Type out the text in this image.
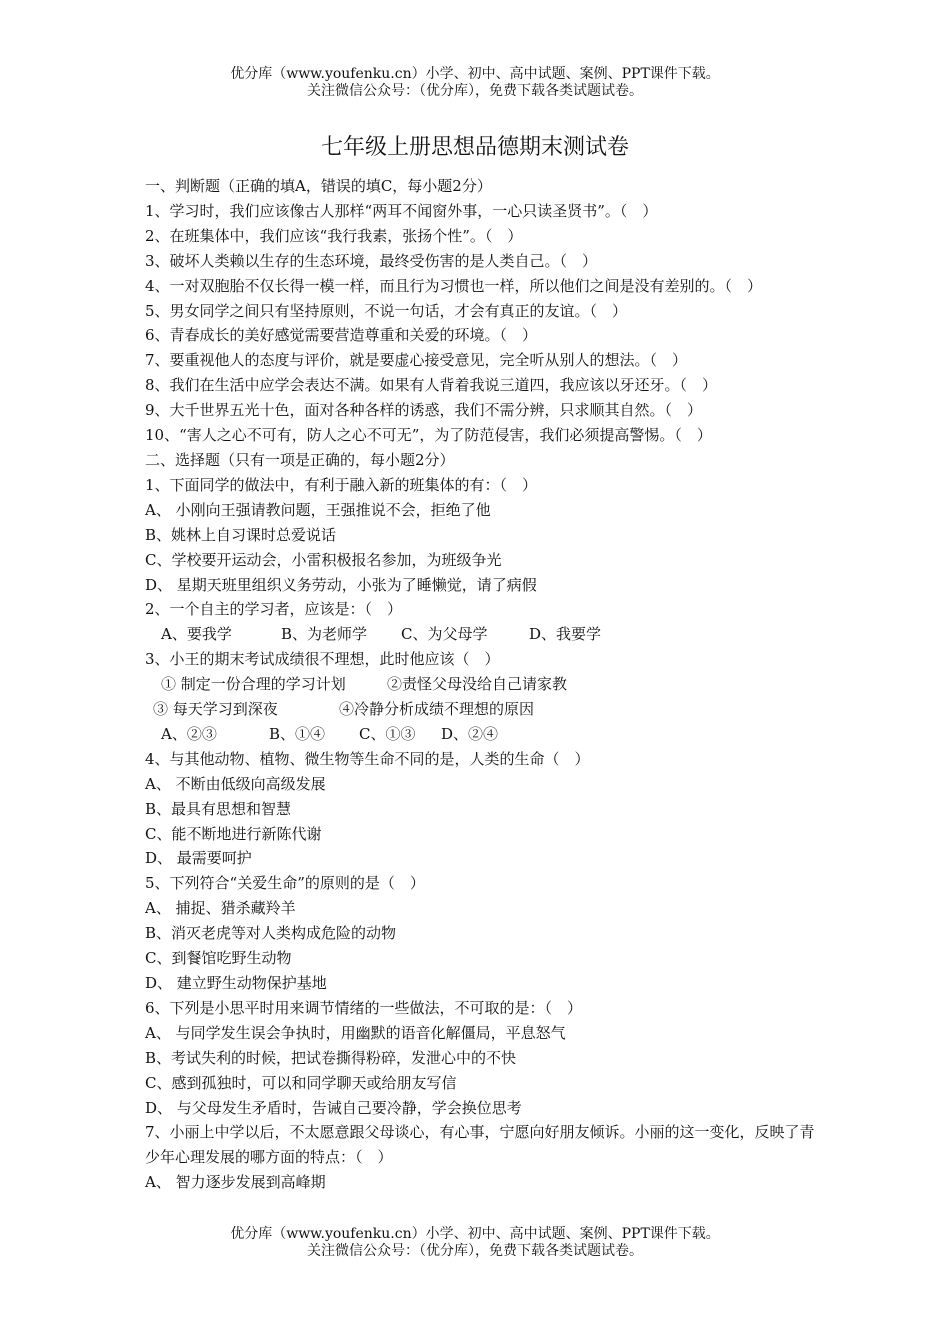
优分库（www.youfenku.cn）小学、初中、高中试题、案例、PPT课件下载。
关注微信公众号：（优分库），免费下载各类试题试卷。
七年级上册思想品德期末测试卷
一、判断题（正确的填A，错误的填C，每小题2分）
1、学习时，我们应该像古人那样“两耳不闻窗外事，一心只读圣贤书”。（　）
2、在班集体中，我们应该“我行我素，张扬个性”。（　）
3、破坏人类赖以生存的生态环境，最终受伤害的是人类自己。（　）
4、一对双胞胎不仅长得一模一样，而且行为习惯也一样，所以他们之间是没有差别的。（　）
5、男女同学之间只有坚持原则，不说一句话，才会有真正的友谊。（　）
6、青春成长的美好感觉需要营造尊重和关爱的环境。（　）
7、要重视他人的态度与评价，就是要虚心接受意见，完全听从别人的想法。（　）
8、我们在生活中应学会表达不满。如果有人背着我说三道四，我应该以牙还牙。（　）
9、大千世界五光十色，面对各种各样的诱惑，我们不需分辨，只求顺其自然。（　）
10、“害人之心不可有，防人之心不可无”，为了防范侵害，我们必须提高警惕。（　）
二、选择题（只有一项是正确的，每小题2分）
1、下面同学的做法中，有利于融入新的班集体的有：（　）
A、 小刚向王强请教问题，王强推说不会，拒绝了他
B、姚林上自习课时总爱说话
C、学校要开运动会，小雷积极报名参加，为班级争光
D、 星期天班里组织义务劳动，小张为了睡懒觉，请了病假
2、一个自主的学习者，应该是：（　）
A、要我学	B、为老师学 C、为父母学	D、我要学
3、小王的期末考试成绩很不理想，此时他应该（　）
① 制定一份合理的学习计划	②责怪父母没给自己请家教
③ 每天学习到深夜	④冷静分析成绩不理想的原因
A、②③	B、①④ C、①③ D、②④
4、与其他动物、植物、微生物等生命不同的是，人类的生命（　）
A、 不断由低级向高级发展
B、最具有思想和智慧
C、能不断地进行新陈代谢
D、 最需要呵护
5、下列符合“关爱生命”的原则的是（　）
A、 捕捉、猎杀藏羚羊
B、消灭老虎等对人类构成危险的动物
C、到餐馆吃野生动物
D、 建立野生动物保护基地
6、下列是小思平时用来调节情绪的一些做法，不可取的是：（　）
A、 与同学发生误会争执时，用幽默的语音化解僵局，平息怒气
B、考试失利的时候，把试卷撕得粉碎，发泄心中的不快
C、感到孤独时，可以和同学聊天或给朋友写信
D、 与父母发生矛盾时，告诫自己要冷静，学会换位思考
7、小丽上中学以后，不太愿意跟父母谈心，有心事，宁愿向好朋友倾诉。小丽的这一变化，反映了青少年心理发展的哪方面的特点：（　）
A、 智力逐步发展到高峰期
优分库（www.youfenku.cn）小学、初中、高中试题、案例、PPT课件下载。
关注微信公众号：（优分库），免费下载各类试题试卷。
